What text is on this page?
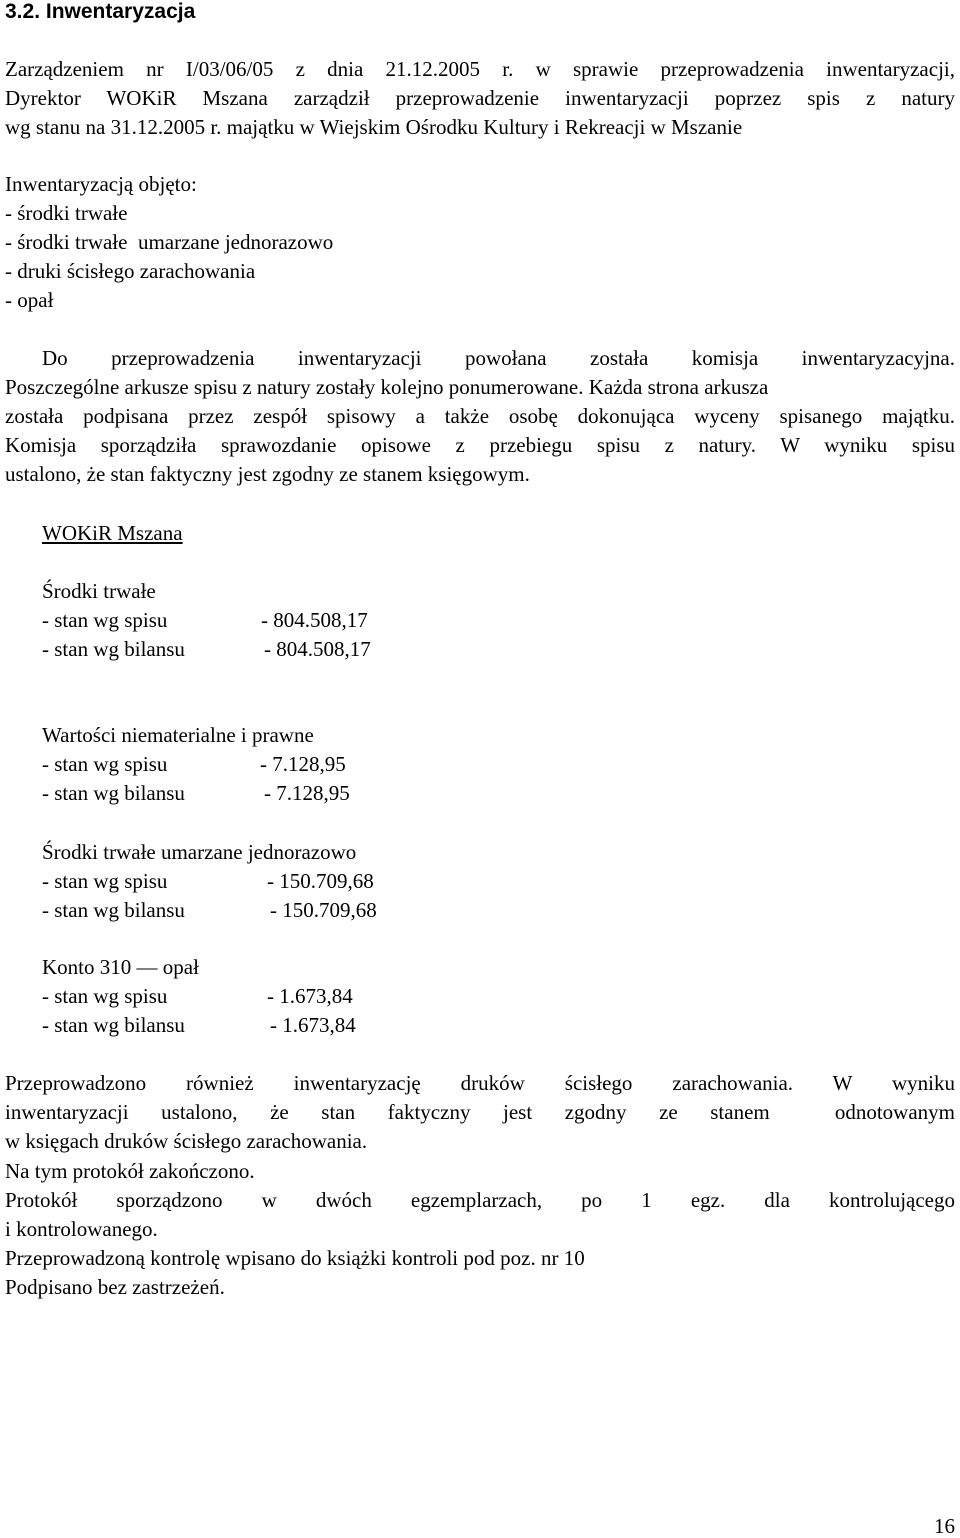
3.2. Inwentaryzacja
Zarządzeniem nr I/03/06/05 z dnia 21.12.2005 r. w sprawie przeprowadzenia inwentaryzacji,
Dyrektor WOKiR Mszana zarządził przeprowadzenie inwentaryzacji poprzez spis z natury
wg stanu na 31.12.2005 r. majątku w Wiejskim Ośrodku Kultury i Rekreacji w Mszanie
Inwentaryzacją objęto:
- środki trwałe
- środki trwałe  umarzane jednorazowo
- druki ścisłego zarachowania
- opał
Do przeprowadzenia inwentaryzacji powołana została komisja inwentaryzacyjna.
Poszczególne arkusze spisu z natury zostały kolejno ponumerowane. Każda strona arkusza
została podpisana przez zespół spisowy a także osobę dokonująca wyceny spisanego majątku.
Komisja sporządziła sprawozdanie opisowe z przebiegu spisu z natury. W wyniku spisu
ustalono, że stan faktyczny jest zgodny ze stanem księgowym.
WOKiR Mszana
Środki trwałe
- stan wg spisu	- 804.508,17
- stan wg bilansu	- 804.508,17
Wartości niematerialne i prawne
- stan wg spisu	- 7.128,95
- stan wg bilansu	- 7.128,95
Środki trwałe umarzane jednorazowo
- stan wg spisu	- 150.709,68
- stan wg bilansu	- 150.709,68
Konto 310 — opał
- stan wg spisu	- 1.673,84
- stan wg bilansu	- 1.673,84
Przeprowadzono również inwentaryzację druków ścisłego zarachowania. W wyniku
inwentaryzacji ustalono, że stan faktyczny jest zgodny ze stanem  odnotowanym
w księgach druków ścisłego zarachowania.
Na tym protokół zakończono.
Protokół sporządzono w dwóch egzemplarzach, po 1 egz. dla kontrolującego
i kontrolowanego.
Przeprowadzoną kontrolę wpisano do książki kontroli pod poz. nr 10
Podpisano bez zastrzeżeń.
16
